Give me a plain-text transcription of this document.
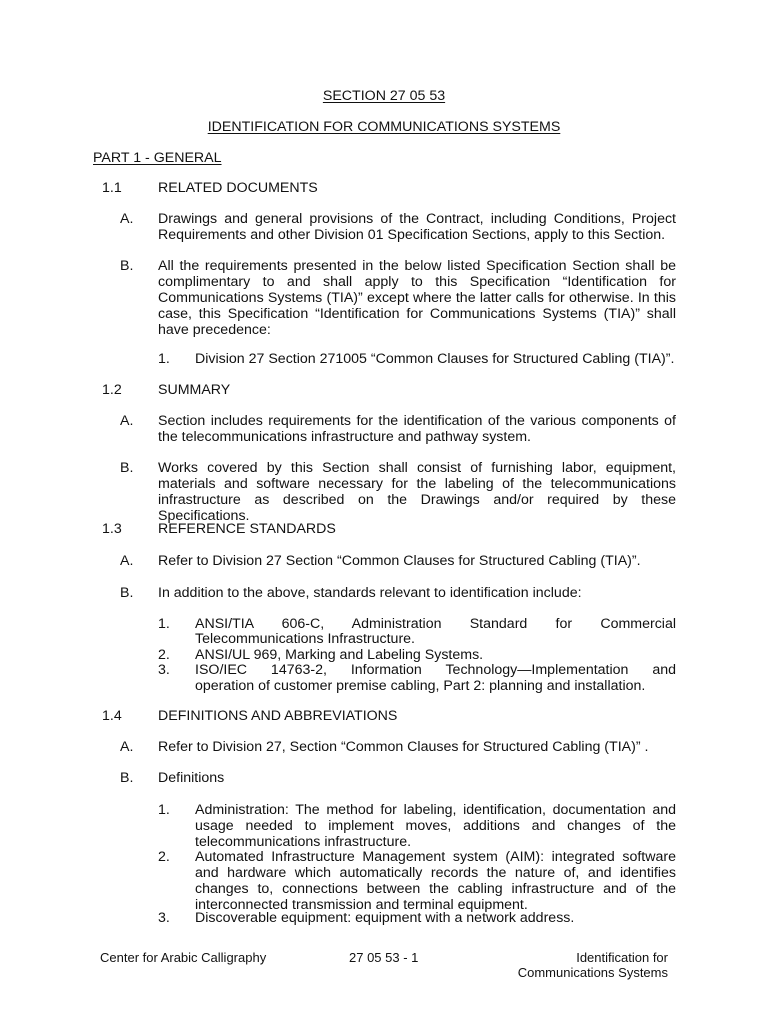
SECTION 27 05 53
IDENTIFICATION FOR COMMUNICATIONS SYSTEMS
PART 1 - GENERAL
1.1	RELATED DOCUMENTS
A. Drawings and general provisions of the Contract, including Conditions, Project Requirements and other Division 01 Specification Sections, apply to this Section.
B. All the requirements presented in the below listed Specification Section shall be complimentary to and shall apply to this Specification “Identification for Communications Systems (TIA)” except where the latter calls for otherwise. In this case, this Specification “Identification for Communications Systems (TIA)” shall have precedence:
1. Division 27 Section 271005 “Common Clauses for Structured Cabling (TIA)”.
1.2	SUMMARY
A. Section includes requirements for the identification of the various components of the telecommunications infrastructure and pathway system.
B. Works covered by this Section shall consist of furnishing labor, equipment, materials and software necessary for the labeling of the telecommunications infrastructure as described on the Drawings and/or required by these Specifications.
1.3	REFERENCE STANDARDS
A. Refer to Division 27 Section “Common Clauses for Structured Cabling (TIA)”.
B. In addition to the above, standards relevant to identification include:
1. ANSI/TIA 606-C, Administration Standard for Commercial
Telecommunications Infrastructure.
2. ANSI/UL 969, Marking and Labeling Systems.
3. ISO/IEC 14763-2, Information Technology—Implementation and
operation of customer premise cabling, Part 2: planning and installation.
1.4	DEFINITIONS AND ABBREVIATIONS
A. Refer to Division 27, Section “Common Clauses for Structured Cabling (TIA)” .
B. Definitions
1. Administration: The method for labeling, identification, documentation and usage needed to implement moves, additions and changes of the telecommunications infrastructure.
2. Automated Infrastructure Management system (AIM): integrated software and hardware which automatically records the nature of, and identifies changes to, connections between the cabling infrastructure and of the interconnected transmission and terminal equipment.
3. Discoverable equipment: equipment with a network address.
Center for Arabic Calligraphy	27 05 53 - 1	Identification for
Communications Systems
